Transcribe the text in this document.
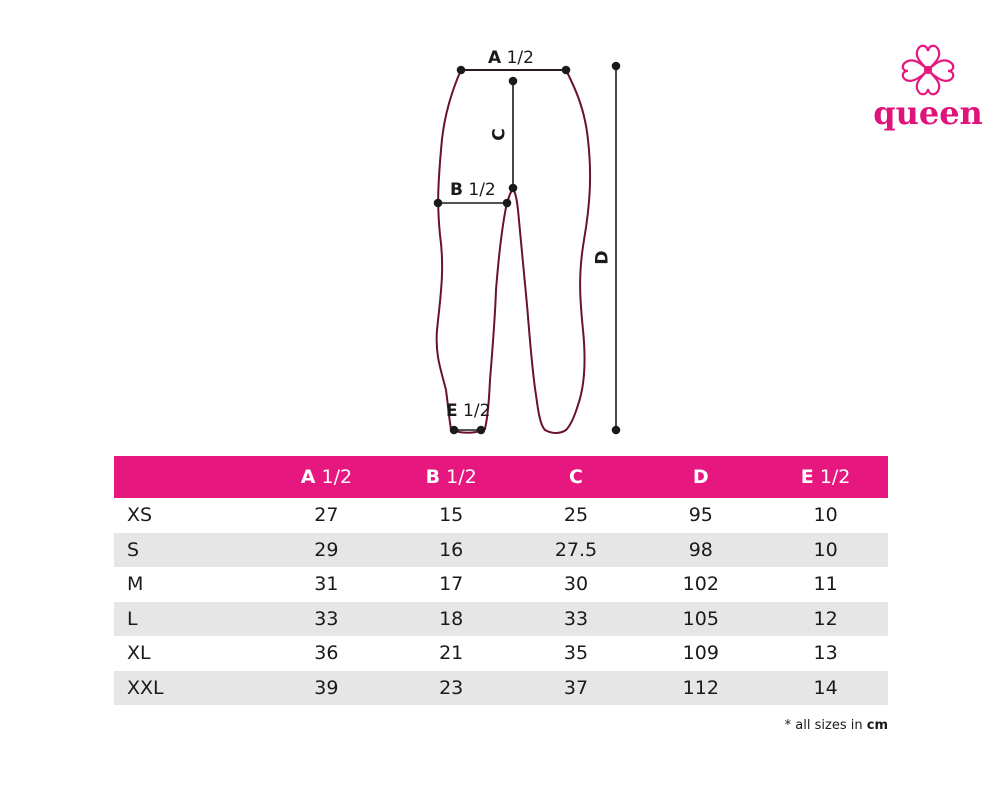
A 1/2
C
B 1/2
D
E 1/2
queen
	A 1/2	B 1/2	C	D	E 1/2
XS	27	15	25	95	10
S	29	16	27.5	98	10
M	31	17	30	102	11
L	33	18	33	105	12
XL	36	21	35	109	13
XXL	39	23	37	112	14
* all sizes in cm
